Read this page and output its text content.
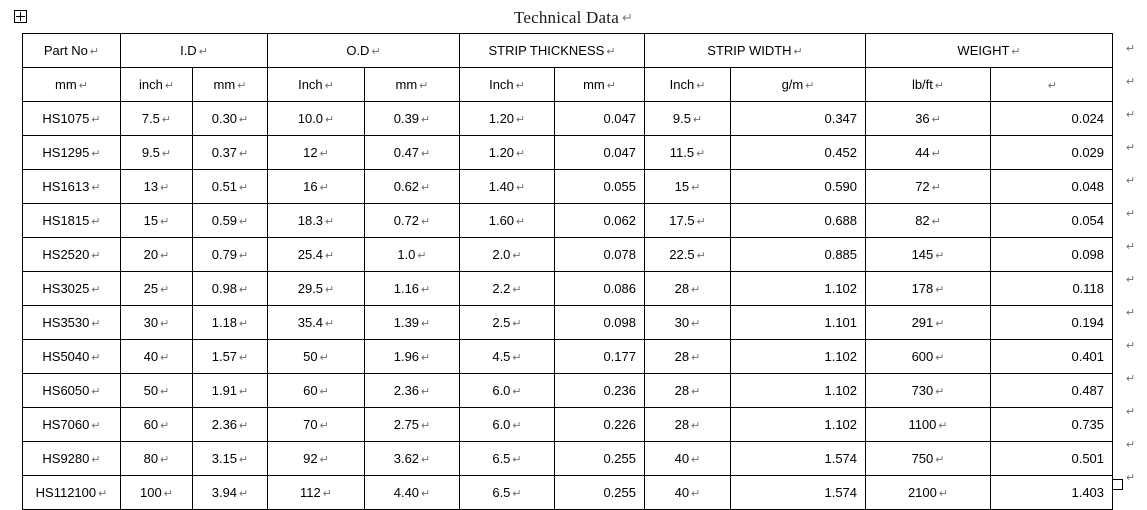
Technical Data ↵
Part No ↵	I.D ↵		O.D ↵		STRIP THICKNESS ↵		STRIP WIDTH ↵		WEIGHT ↵	
mm ↵	inch ↵	mm ↵	Inch ↵	mm ↵	Inch ↵	mm ↵	Inch ↵	g/m ↵	lb/ft ↵	↵
HS1075 ↵	7.5 ↵	0.30 ↵	10.0 ↵	0.39 ↵	1.20 ↵	0.047	9.5 ↵	0.347	36 ↵	0.024
HS1295 ↵	9.5 ↵	0.37 ↵	12 ↵	0.47 ↵	1.20 ↵	0.047	11.5 ↵	0.452	44 ↵	0.029
HS1613 ↵	13 ↵	0.51 ↵	16 ↵	0.62 ↵	1.40 ↵	0.055	15 ↵	0.590	72 ↵	0.048
HS1815 ↵	15 ↵	0.59 ↵	18.3 ↵	0.72 ↵	1.60 ↵	0.062	17.5 ↵	0.688	82 ↵	0.054
HS2520 ↵	20 ↵	0.79 ↵	25.4 ↵	1.0 ↵	2.0 ↵	0.078	22.5 ↵	0.885	145 ↵	0.098
HS3025 ↵	25 ↵	0.98 ↵	29.5 ↵	1.16 ↵	2.2 ↵	0.086	28 ↵	1.102	178 ↵	0.118
HS3530 ↵	30 ↵	1.18 ↵	35.4 ↵	1.39 ↵	2.5 ↵	0.098	30 ↵	1.101	291 ↵	0.194
HS5040 ↵	40 ↵	1.57 ↵	50 ↵	1.96 ↵	4.5 ↵	0.177	28 ↵	1.102	600 ↵	0.401
HS6050 ↵	50 ↵	1.91 ↵	60 ↵	2.36 ↵	6.0 ↵	0.236	28 ↵	1.102	730 ↵	0.487
HS7060 ↵	60 ↵	2.36 ↵	70 ↵	2.75 ↵	6.0 ↵	0.226	28 ↵	1.102	1100 ↵	0.735
HS9280 ↵	80 ↵	3.15 ↵	92 ↵	3.62 ↵	6.5 ↵	0.255	40 ↵	1.574	750 ↵	0.501
HS112100 ↵	100 ↵	3.94 ↵	112 ↵	4.40 ↵	6.5 ↵	0.255	40 ↵	1.574	2100 ↵	1.403
↵
↵
↵
↵
↵
↵
↵
↵
↵
↵
↵
↵
↵
↵
